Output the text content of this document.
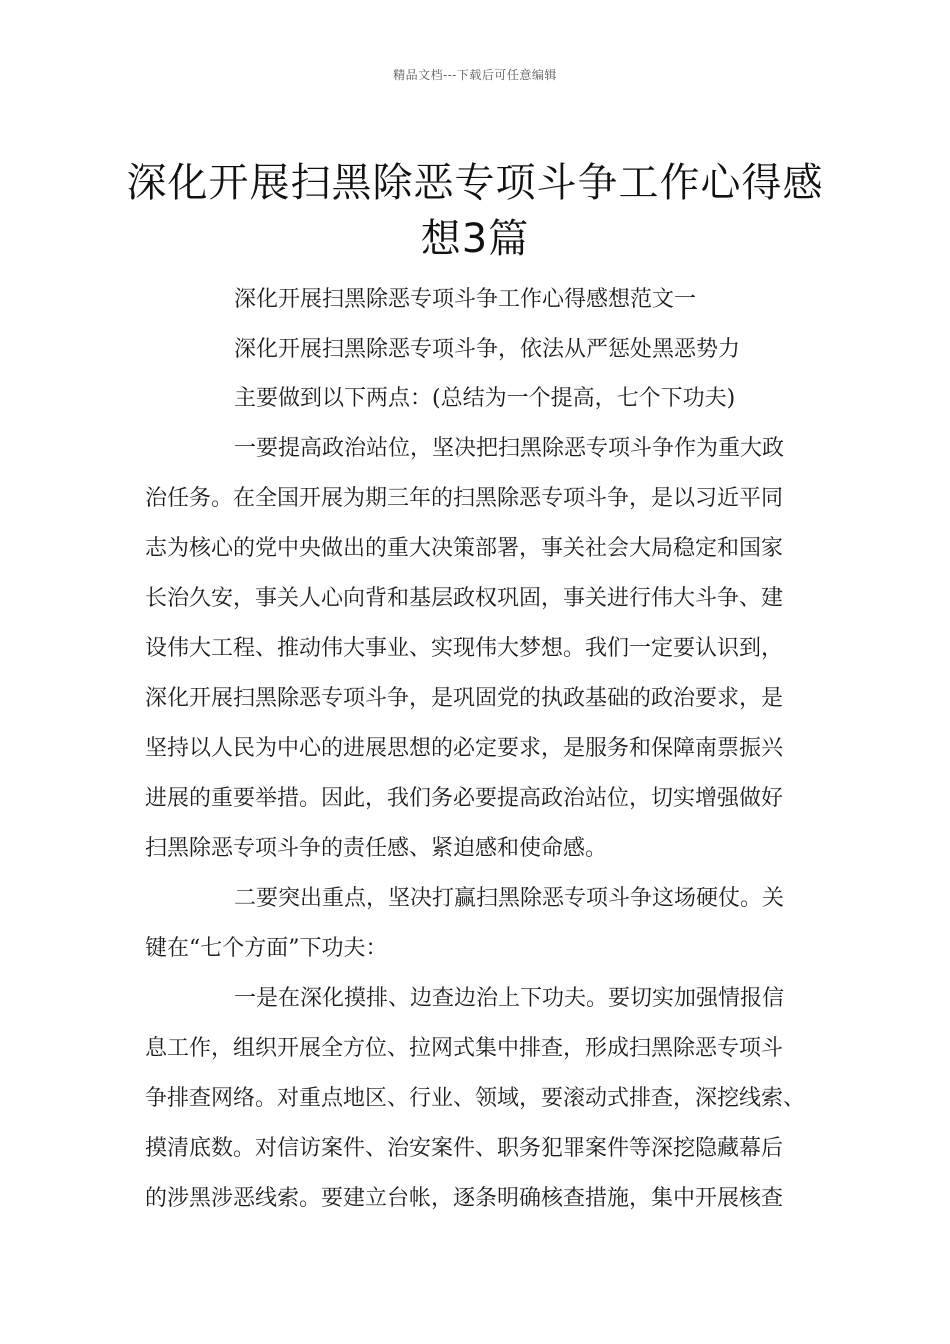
精品文档---下载后可任意编辑
深化开展扫黑除恶专项斗争工作心得感
想3篇
深化开展扫黑除恶专项斗争工作心得感想范文一
深化开展扫黑除恶专项斗争，依法从严惩处黑恶势力
主要做到以下两点：(总结为一个提高，七个下功夫)
一要提高政治站位，坚决把扫黑除恶专项斗争作为重大政
治任务。在全国开展为期三年的扫黑除恶专项斗争，是以习近平同
志为核心的党中央做出的重大决策部署，事关社会大局稳定和国家
长治久安，事关人心向背和基层政权巩固，事关进行伟大斗争、建
设伟大工程、推动伟大事业、实现伟大梦想。我们一定要认识到，
深化开展扫黑除恶专项斗争，是巩固党的执政基础的政治要求，是
坚持以人民为中心的进展思想的必定要求，是服务和保障南票振兴
进展的重要举措。因此，我们务必要提高政治站位，切实增强做好
扫黑除恶专项斗争的责任感、紧迫感和使命感。
二要突出重点，坚决打赢扫黑除恶专项斗争这场硬仗。关
键在“七个方面”下功夫：
一是在深化摸排、边查边治上下功夫。要切实加强情报信
息工作，组织开展全方位、拉网式集中排查，形成扫黑除恶专项斗
争排查网络。对重点地区、行业、领域，要滚动式排查，深挖线索、
摸清底数。对信访案件、治安案件、职务犯罪案件等深挖隐藏幕后
的涉黑涉恶线索。要建立台帐，逐条明确核查措施，集中开展核查
